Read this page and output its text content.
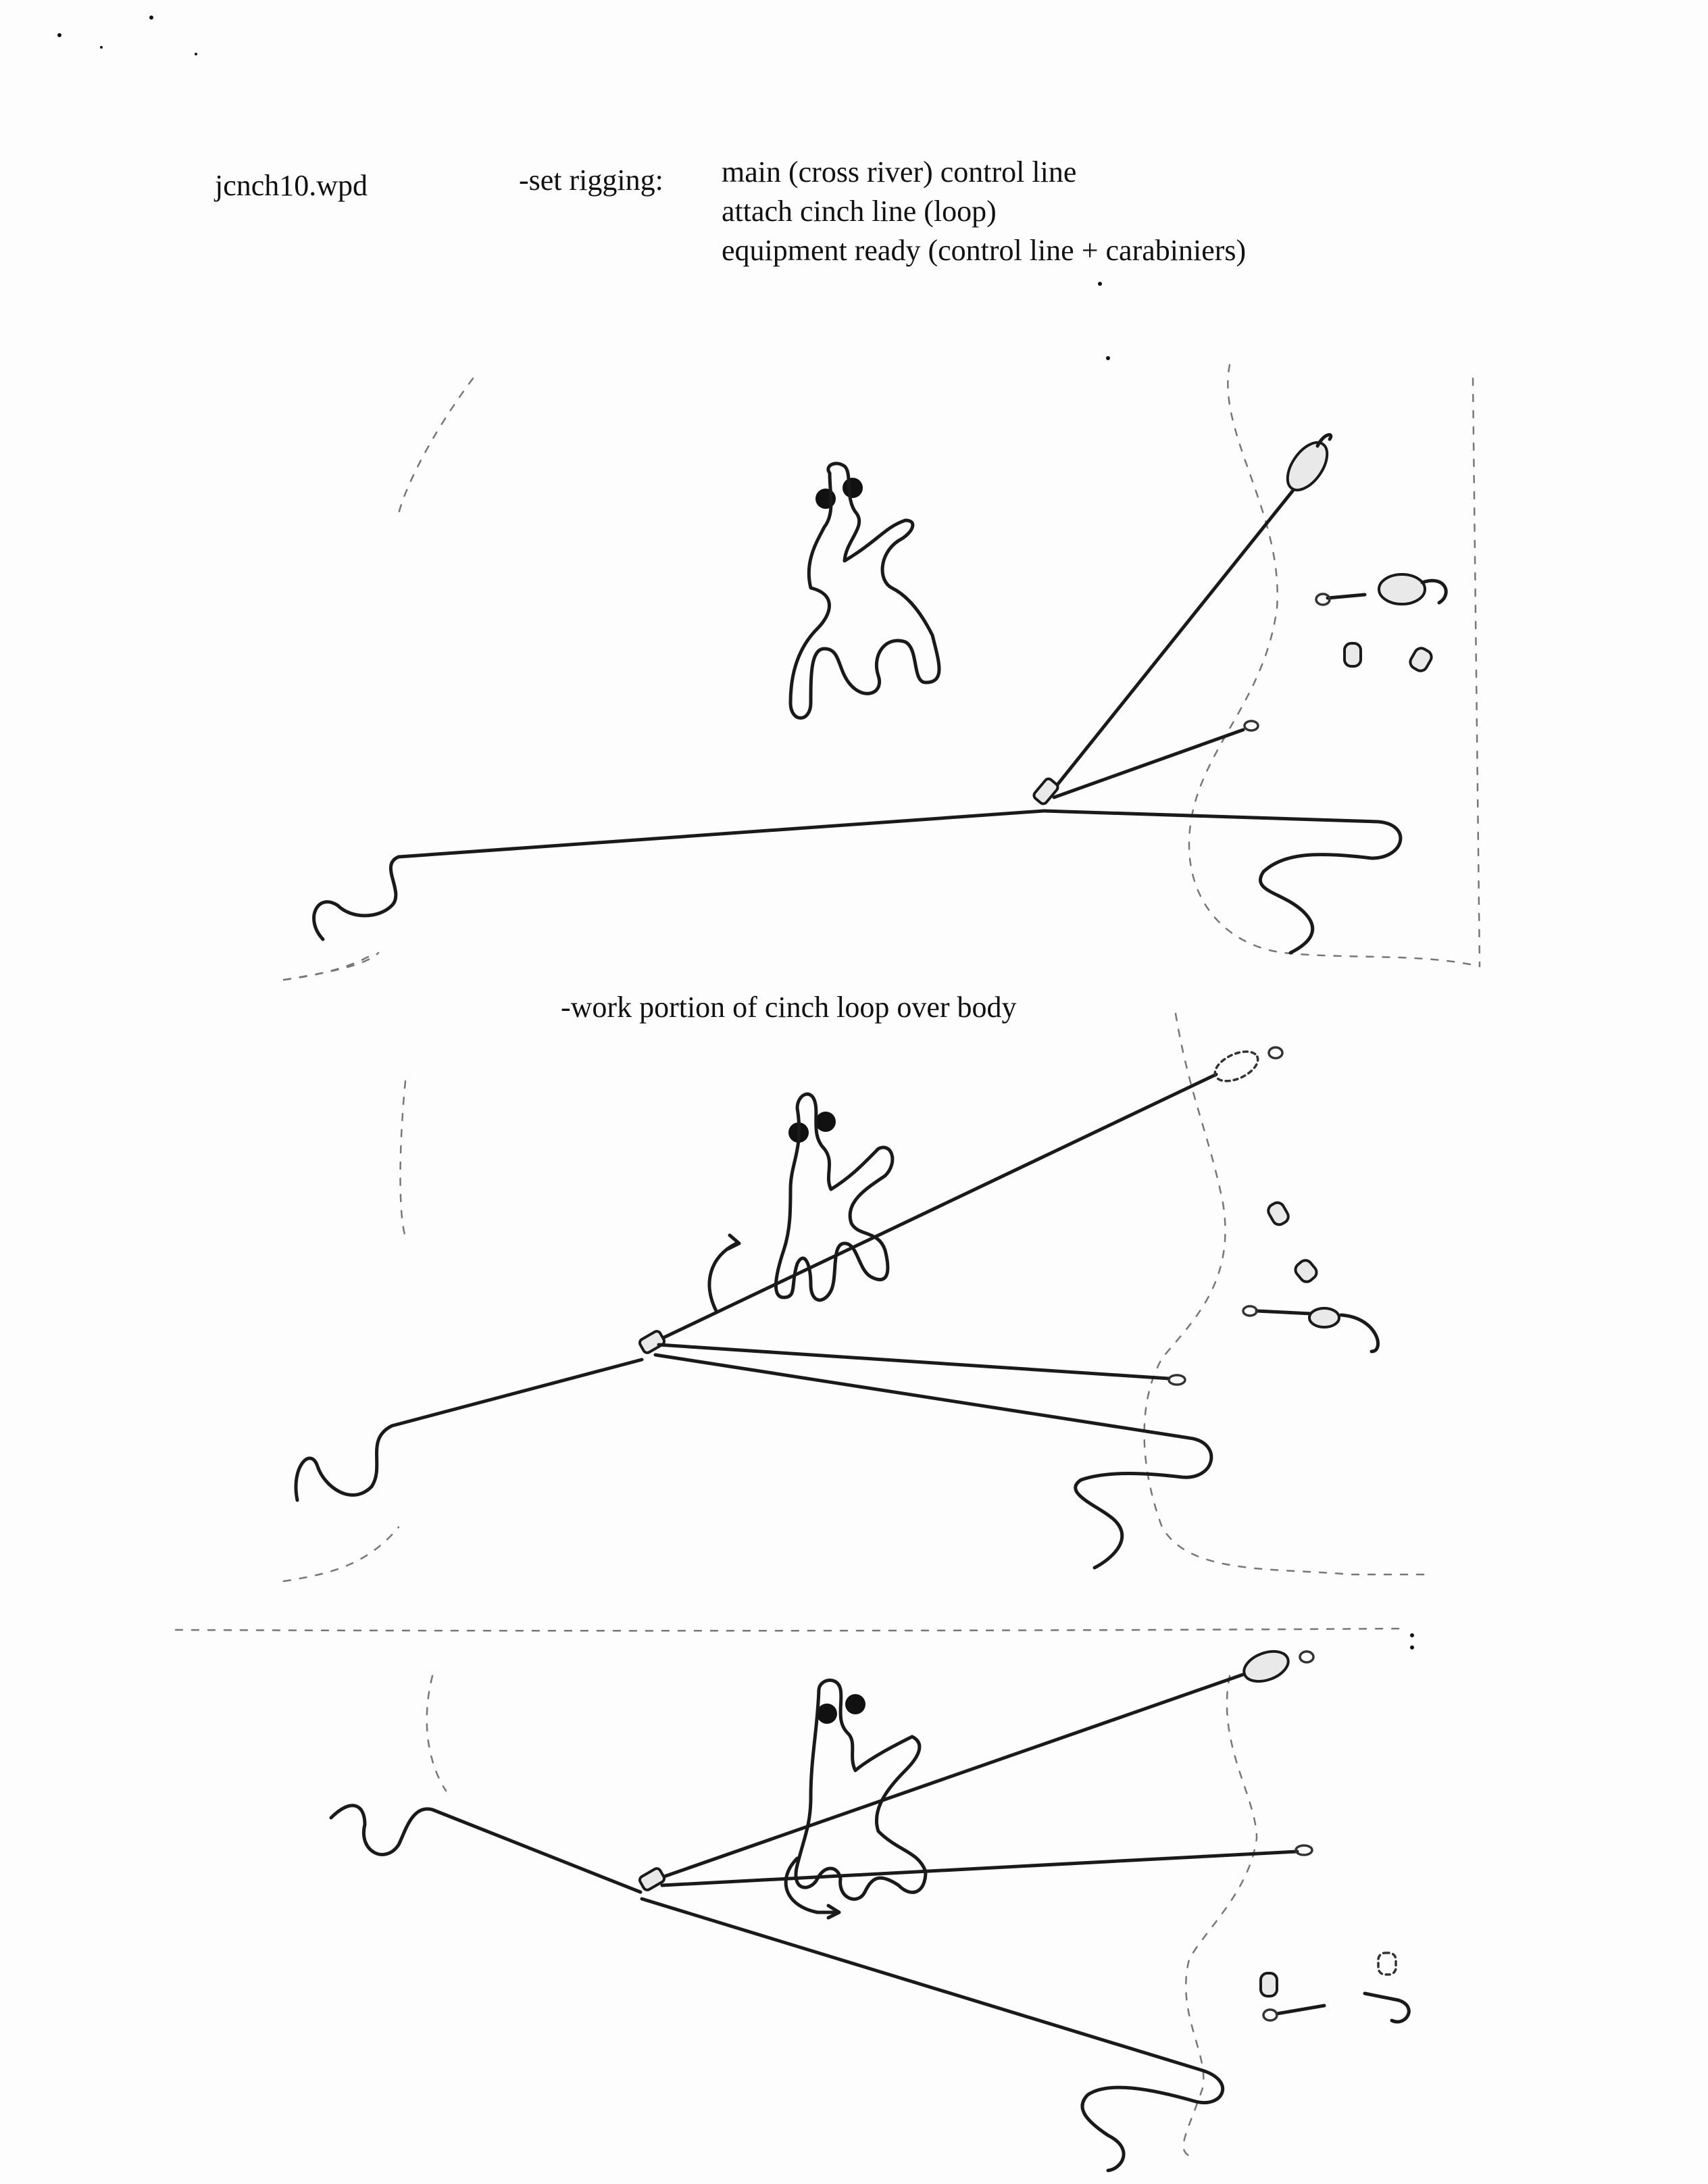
jcnch10.wpd	-set rigging: main (cross river) control line
attach cinch line (loop)
equipment ready (control line + carabiniers)
-work portion of cinch loop over body
